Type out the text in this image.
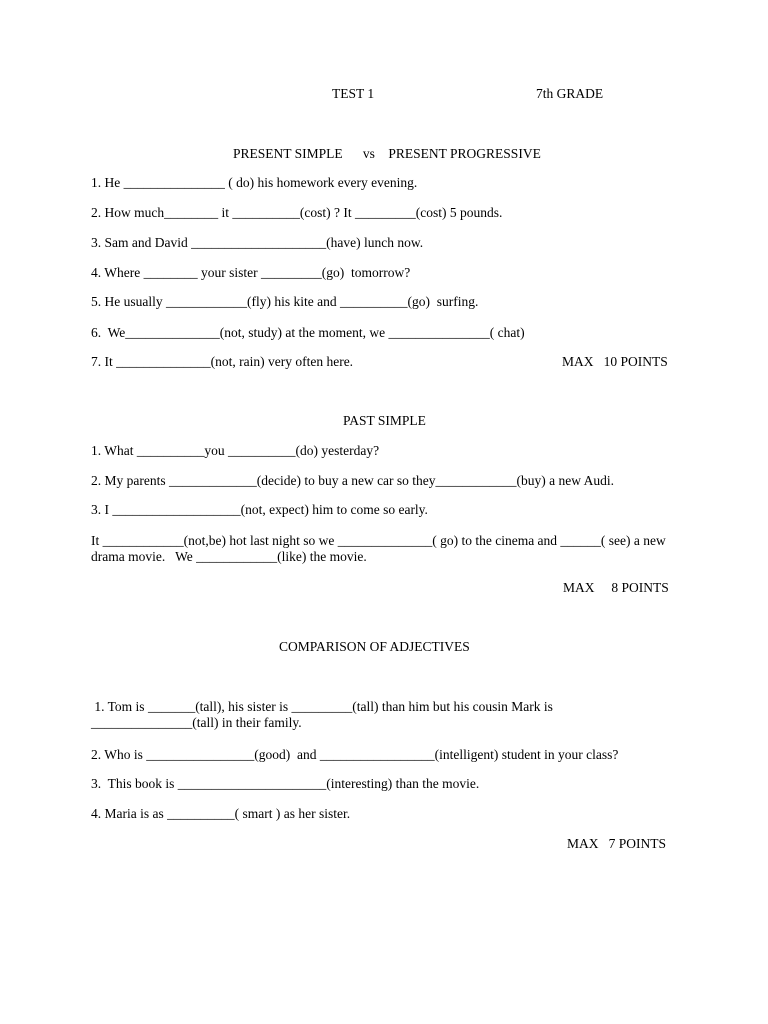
TEST 1	7th GRADE
PRESENT SIMPLE      vs    PRESENT PROGRESSIVE
1. He _______________ ( do) his homework every evening.
2. How much________ it __________(cost) ? It _________(cost) 5 pounds.
3. Sam and David ____________________(have) lunch now.
4. Where ________ your sister _________(go)  tomorrow?
5. He usually ____________(fly) his kite and __________(go)  surfing.
6.  We______________(not, study) at the moment, we _______________( chat)
7. It ______________(not, rain) very often here.	MAX   10 POINTS
PAST SIMPLE
1. What __________you __________(do) yesterday?
2. My parents _____________(decide) to buy a new car so they____________(buy) a new Audi.
3. I ___________________(not, expect) him to come so early.
It ____________(not,be) hot last night so we ______________( go) to the cinema and ______( see) a new drama movie.   We ____________(like) the movie.
MAX     8 POINTS
COMPARISON OF ADJECTIVES
1. Tom is _______(tall), his sister is _________(tall) than him but his cousin Mark is _______________(tall) in their family.
2. Who is ________________(good)  and _________________(intelligent) student in your class?
3.  This book is ______________________(interesting) than the movie.
4. Maria is as __________( smart ) as her sister.
MAX   7 POINTS
